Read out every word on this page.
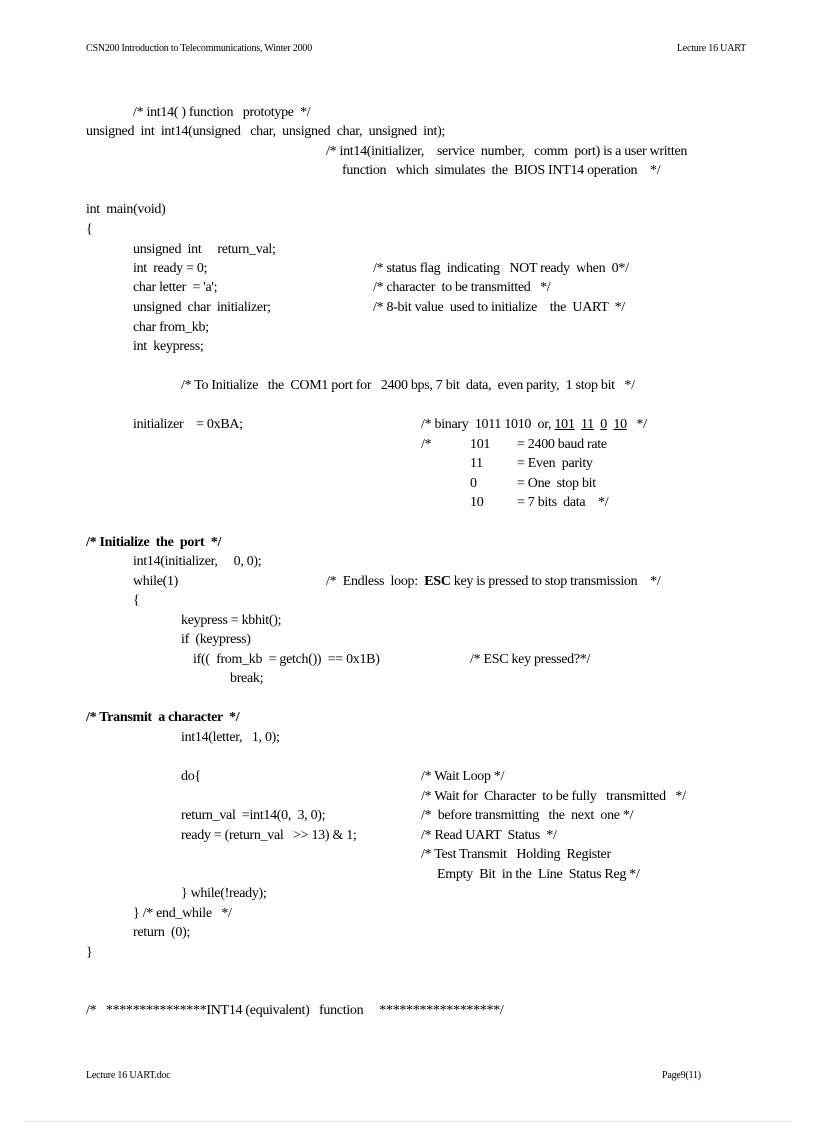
CSN200 Introduction to Telecommunications, Winter 2000	Lecture 16 UART
/* int14( ) function   prototype  */
unsigned  int  int14(unsigned   char,  unsigned  char,  unsigned  int);
/* int14(initializer,    service  number,   comm  port) is a user written
function   which  simulates  the  BIOS INT14 operation    */
int  main(void)
{
unsigned  int     return_val;
int  ready = 0;	/* status flag  indicating   NOT ready  when  0*/
char letter  = 'a';	/* character  to be transmitted   */
unsigned  char  initializer;	/* 8-bit value  used to initialize    the  UART  */
char from_kb;
int  keypress;
/* To Initialize   the  COM1 port for   2400 bps, 7 bit  data,  even parity,  1 stop bit   */
initializer    = 0xBA;	/* binary  1011 1010  or, 101 11 0 10   */
/*	101 = 2400 baud rate
11 = Even  parity
0	= One  stop bit
10 = 7 bits  data    */
/* Initialize  the  port  */
int14(initializer,     0, 0);
while(1)	/*  Endless  loop:  ESC key is pressed to stop transmission    */
{
keypress = kbhit();
if  (keypress)
if((  from_kb  = getch())  == 0x1B)	/* ESC key pressed?*/
break;
/* Transmit  a character  */
int14(letter,   1, 0);
do{	/* Wait Loop */
/* Wait for  Character  to be fully   transmitted   */
return_val  =int14(0,  3, 0);	/*  before transmitting   the  next  one */
ready = (return_val   >> 13) & 1;	/* Read UART  Status  */
/* Test Transmit   Holding  Register
Empty  Bit  in the  Line  Status Reg */
} while(!ready);
} /* end_while   */
return  (0);
}
/*   ***************INT14 (equivalent)   function     ******************/
Lecture 16 UART.doc	Page9(11)
